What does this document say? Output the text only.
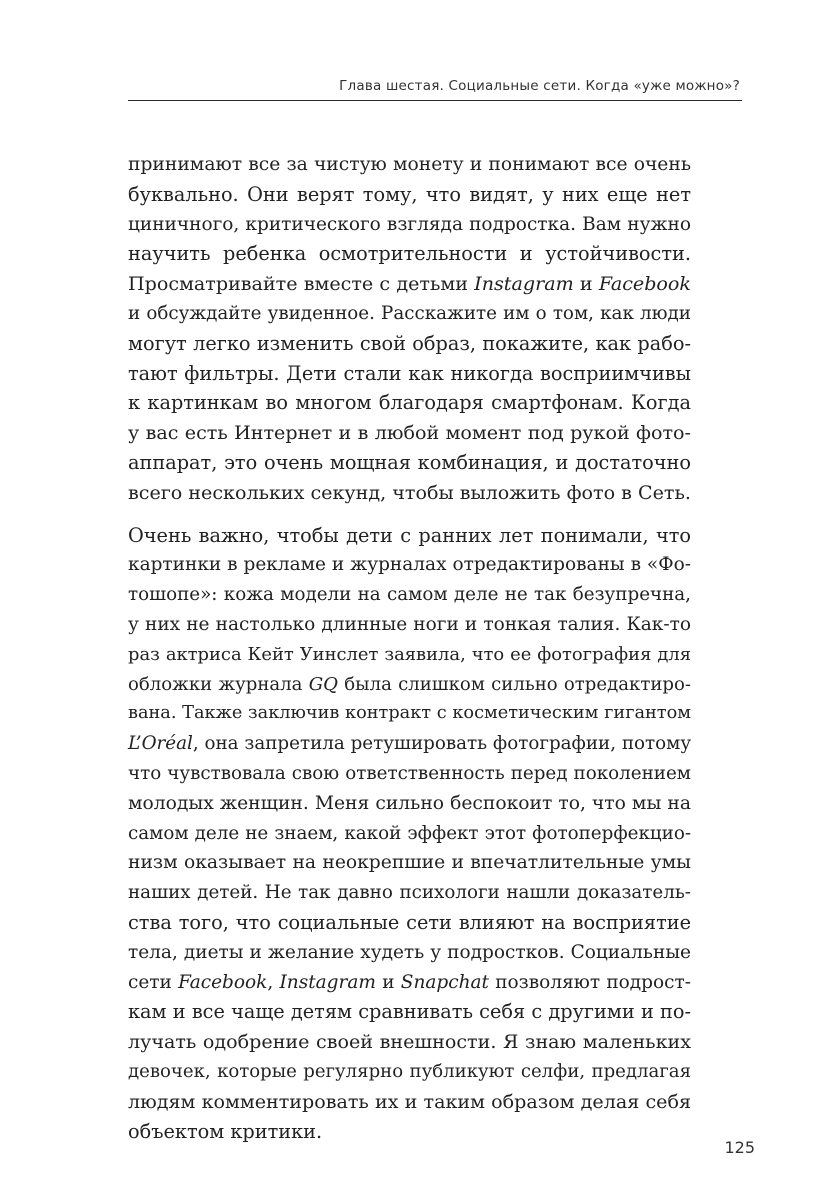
Глава шестая. Социальные сети. Когда «уже можно»?
принимают все за чистую монету и понимают все очень
буквально. Они верят тому, что видят, у них еще нет
циничного, критического взгляда подростка. Вам нужно
научить ребенка осмотрительности и устойчивости.
Просматривайте вместе с детьми Instagram и Facebook
и обсуждайте увиденное. Расскажите им о том, как люди
могут легко изменить свой образ, покажите, как рабо-
тают фильтры. Дети стали как никогда восприимчивы
к картинкам во многом благодаря смартфонам. Когда
у вас есть Интернет и в любой момент под рукой фото-
аппарат, это очень мощная комбинация, и достаточно
всего нескольких секунд, чтобы выложить фото в Сеть.
Очень важно, чтобы дети с ранних лет понимали, что
картинки в рекламе и журналах отредактированы в «Фо-
тошопе»: кожа модели на самом деле не так безупречна,
у них не настолько длинные ноги и тонкая талия. Как-то
раз актриса Кейт Уинслет заявила, что ее фотография для
обложки журнала GQ была слишком сильно отредактиро-
вана. Также заключив контракт с косметическим гигантом
L’Oréal, она запретила ретушировать фотографии, потому
что чувствовала свою ответственность перед поколением
молодых женщин. Меня сильно беспокоит то, что мы на
самом деле не знаем, какой эффект этот фотоперфекцио-
низм оказывает на неокрепшие и впечатлительные умы
наших детей. Не так давно психологи нашли доказатель-
ства того, что социальные сети влияют на восприятие
тела, диеты и желание худеть у подростков. Социальные
сети Facebook, Instagram и Snapchat позволяют подрост-
кам и все чаще детям сравнивать себя с другими и по-
лучать одобрение своей внешности. Я знаю маленьких
девочек, которые регулярно публикуют селфи, предлагая
людям комментировать их и таким образом делая себя
объектом критики.
125
